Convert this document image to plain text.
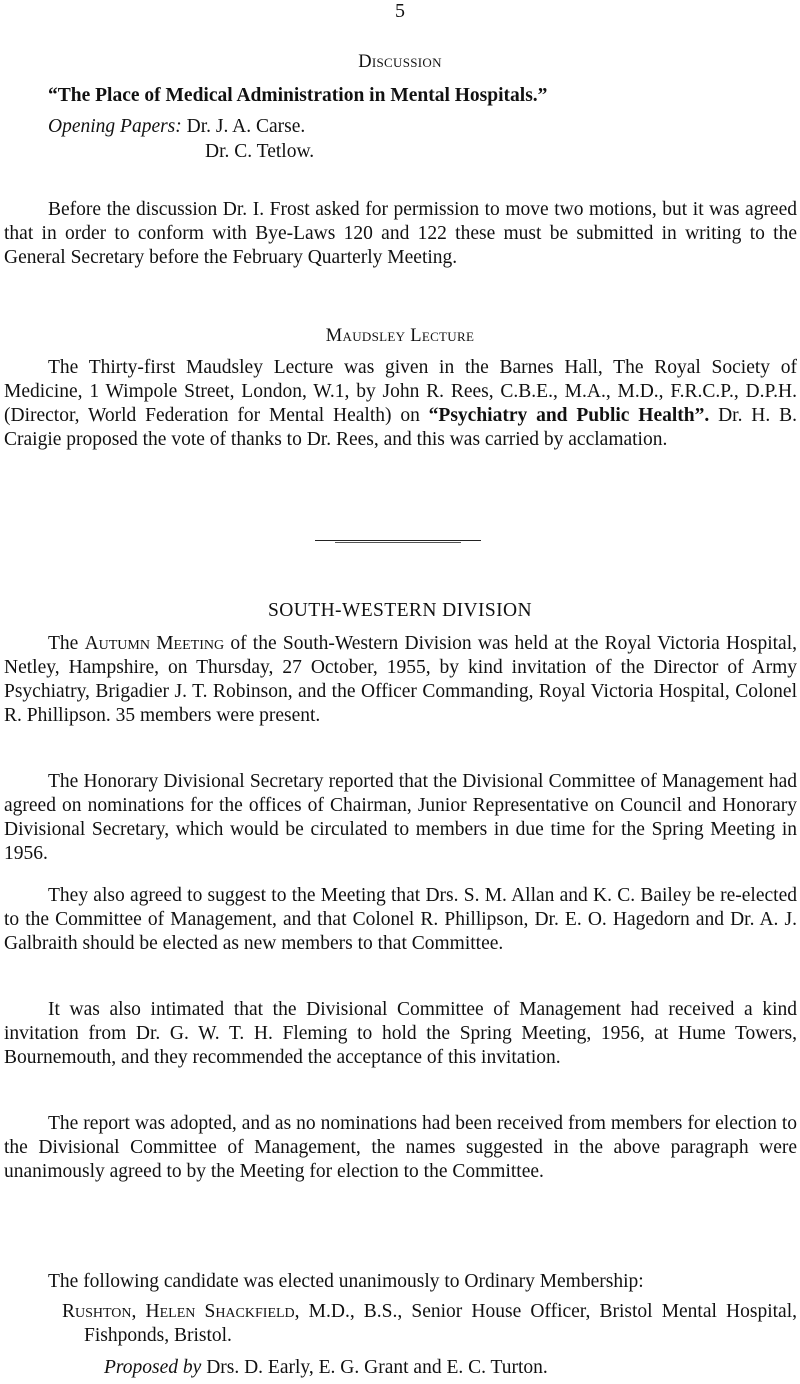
5
Discussion
“The Place of Medical Administration in Mental Hospitals.”
Opening Papers: Dr. J. A. Carse.
Dr. C. Tetlow.
Before the discussion Dr. I. Frost asked for permission to move two motions, but it was agreed that in order to conform with Bye-Laws 120 and 122 these must be submitted in writing to the General Secretary before the February Quarterly Meeting.
Maudsley Lecture
The Thirty-first Maudsley Lecture was given in the Barnes Hall, The Royal Society of Medicine, 1 Wimpole Street, London, W.1, by John R. Rees, C.B.E., M.A., M.D., F.R.C.P., D.P.H. (Director, World Federation for Mental Health) on “Psychiatry and Public Health”. Dr. H. B. Craigie proposed the vote of thanks to Dr. Rees, and this was carried by acclamation.
SOUTH-WESTERN DIVISION
The Autumn Meeting of the South-Western Division was held at the Royal Victoria Hospital, Netley, Hampshire, on Thursday, 27 October, 1955, by kind invitation of the Director of Army Psychiatry, Brigadier J. T. Robinson, and the Officer Commanding, Royal Victoria Hospital, Colonel R. Phillipson. 35 members were present.
The Honorary Divisional Secretary reported that the Divisional Committee of Management had agreed on nominations for the offices of Chairman, Junior Representative on Council and Honorary Divisional Secretary, which would be circulated to members in due time for the Spring Meeting in 1956.
They also agreed to suggest to the Meeting that Drs. S. M. Allan and K. C. Bailey be re-elected to the Committee of Management, and that Colonel R. Phillipson, Dr. E. O. Hagedorn and Dr. A. J. Galbraith should be elected as new members to that Committee.
It was also intimated that the Divisional Committee of Management had received a kind invitation from Dr. G. W. T. H. Fleming to hold the Spring Meeting, 1956, at Hume Towers, Bournemouth, and they recommended the acceptance of this invitation.
The report was adopted, and as no nominations had been received from members for election to the Divisional Committee of Management, the names suggested in the above paragraph were unanimously agreed to by the Meeting for election to the Committee.
The following candidate was elected unanimously to Ordinary Membership:
Rushton, Helen Shackfield, M.D., B.S., Senior House Officer, Bristol Mental Hospital, Fishponds, Bristol.
Proposed by Drs. D. Early, E. G. Grant and E. C. Turton.
